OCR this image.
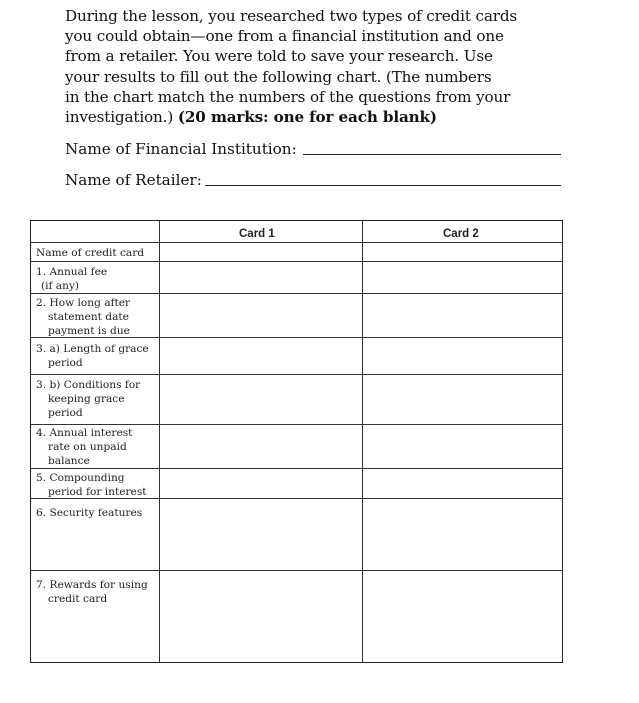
During the lesson, you researched two types of credit cards
you could obtain—one from a financial institution and one
from a retailer. You were told to save your research. Use
your results to fill out the following chart. (The numbers
in the chart match the numbers of the questions from your
investigation.) (20 marks: one for each blank)
Name of Financial Institution:
Name of Retailer:
Card 1	Card 2
Name of credit card
1. Annual fee
(if any)
2. How long after
statement date
payment is due
3. a) Length of grace
period
3. b) Conditions for
keeping grace
period
4. Annual interest
rate on unpaid
balance
5. Compounding
period for interest
6. Security features
7. Rewards for using
credit card
